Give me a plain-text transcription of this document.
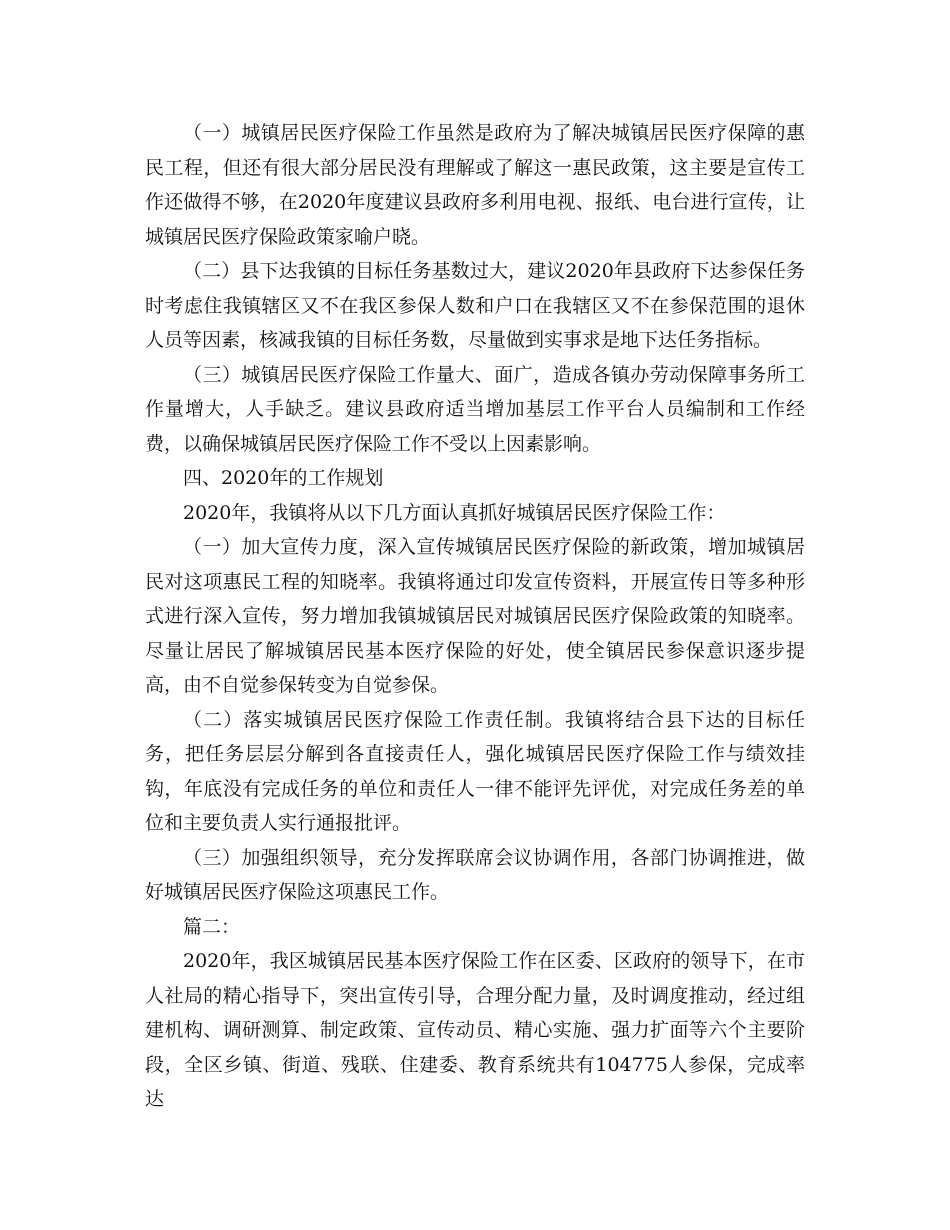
（一）城镇居民医疗保险工作虽然是政府为了解决城镇居民医疗保障的惠民工程，但还有很大部分居民没有理解或了解这一惠民政策，这主要是宣传工作还做得不够，在2020年度建议县政府多利用电视、报纸、电台进行宣传，让城镇居民医疗保险政策家喻户晓。

（二）县下达我镇的目标任务基数过大，建议2020年县政府下达参保任务时考虑住我镇辖区又不在我区参保人数和户口在我辖区又不在参保范围的退休人员等因素，核减我镇的目标任务数，尽量做到实事求是地下达任务指标。

（三）城镇居民医疗保险工作量大、面广，造成各镇办劳动保障事务所工作量增大，人手缺乏。建议县政府适当增加基层工作平台人员编制和工作经费，以确保城镇居民医疗保险工作不受以上因素影响。

四、2020年的工作规划

2020年，我镇将从以下几方面认真抓好城镇居民医疗保险工作：

（一）加大宣传力度，深入宣传城镇居民医疗保险的新政策，增加城镇居民对这项惠民工程的知晓率。我镇将通过印发宣传资料，开展宣传日等多种形式进行深入宣传，努力增加我镇城镇居民对城镇居民医疗保险政策的知晓率。尽量让居民了解城镇居民基本医疗保险的好处，使全镇居民参保意识逐步提高，由不自觉参保转变为自觉参保。

（二）落实城镇居民医疗保险工作责任制。我镇将结合县下达的目标任务，把任务层层分解到各直接责任人，强化城镇居民医疗保险工作与绩效挂钩，年底没有完成任务的单位和责任人一律不能评先评优，对完成任务差的单位和主要负责人实行通报批评。

（三）加强组织领导，充分发挥联席会议协调作用，各部门协调推进，做好城镇居民医疗保险这项惠民工作。

篇二：

2020年，我区城镇居民基本医疗保险工作在区委、区政府的领导下，在市人社局的精心指导下，突出宣传引导，合理分配力量，及时调度推动，经过组建机构、调研测算、制定政策、宣传动员、精心实施、强力扩面等六个主要阶段，全区乡镇、街道、残联、住建委、教育系统共有104775人参保，完成率达
